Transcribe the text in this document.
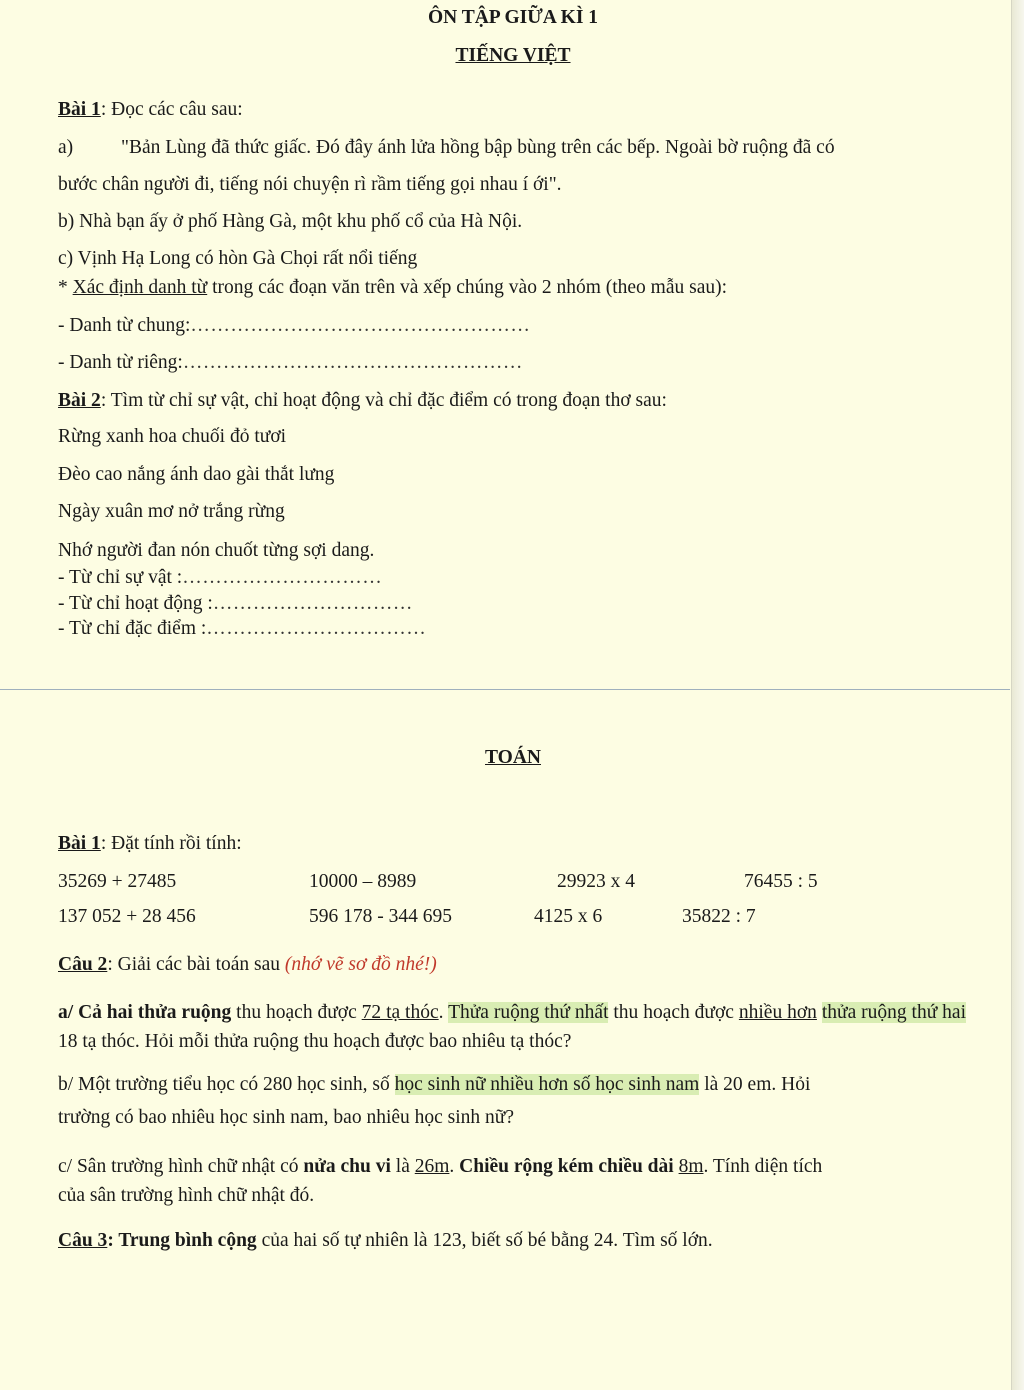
ÔN TẬP GIỮA KÌ 1
TIẾNG VIỆT
Bài 1: Đọc các câu sau:
a) "Bản Lùng đã thức giấc. Đó đây ánh lửa hồng bập bùng trên các bếp. Ngoài bờ ruộng đã có
bước chân người đi, tiếng nói chuyện rì rầm tiếng gọi nhau í ới".
b) Nhà bạn ấy ở phố Hàng Gà, một khu phố cổ của Hà Nội.
c) Vịnh Hạ Long có hòn Gà Chọi rất nổi tiếng
* Xác định danh từ trong các đoạn văn trên và xếp chúng vào 2 nhóm (theo mẫu sau):
- Danh từ chung:……………………………………………
- Danh từ riêng:……………………………………………
Bài 2: Tìm từ chỉ sự vật, chỉ hoạt động và chỉ đặc điểm có trong đoạn thơ sau:
Rừng xanh hoa chuối đỏ tươi
Đèo cao nắng ánh dao gài thắt lưng
Ngày xuân mơ nở trắng rừng
Nhớ người đan nón chuốt từng sợi dang.
- Từ chỉ sự vật :…………………………
- Từ chỉ hoạt động :…………………………
- Từ chỉ đặc điểm :……………………………
TOÁN
Bài 1: Đặt tính rồi tính:
35269 + 27485	10000 – 8989	29923 x 4	76455 : 5
137 052 + 28 456	596 178 - 344 695	4125 x 6	35822 : 7
Câu 2: Giải các bài toán sau (nhớ vẽ sơ đồ nhé!)
a/ Cả hai thửa ruộng thu hoạch được 72 tạ thóc. Thửa ruộng thứ nhất thu hoạch được nhiều hơn thửa ruộng thứ hai 18 tạ thóc. Hỏi mỗi thửa ruộng thu hoạch được bao nhiêu tạ thóc?
b/ Một trường tiểu học có 280 học sinh, số học sinh nữ nhiều hơn số học sinh nam là 20 em. Hỏi
trường có bao nhiêu học sinh nam, bao nhiêu học sinh nữ?
c/ Sân trường hình chữ nhật có nửa chu vi là 26m. Chiều rộng kém chiều dài 8m. Tính diện tích
của sân trường hình chữ nhật đó.
Câu 3: Trung bình cộng của hai số tự nhiên là 123, biết số bé bằng 24. Tìm số lớn.
